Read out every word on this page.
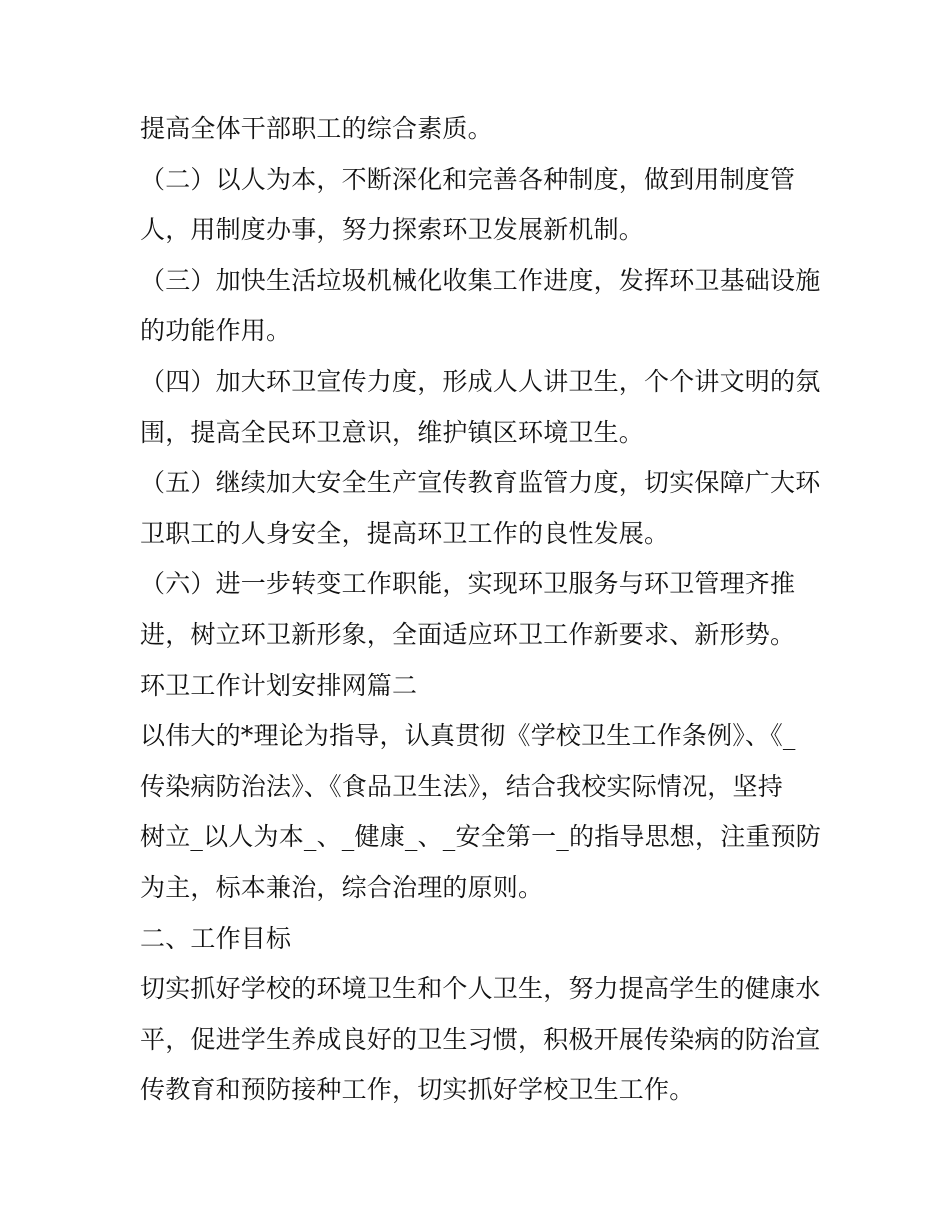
提高全体干部职工的综合素质。
（二）以人为本，不断深化和完善各种制度，做到用制度管
人，用制度办事，努力探索环卫发展新机制。
（三）加快生活垃圾机械化收集工作进度，发挥环卫基础设施
的功能作用。
（四）加大环卫宣传力度，形成人人讲卫生，个个讲文明的氛
围，提高全民环卫意识，维护镇区环境卫生。
（五）继续加大安全生产宣传教育监管力度，切实保障广大环
卫职工的人身安全，提高环卫工作的良性发展。
（六）进一步转变工作职能，实现环卫服务与环卫管理齐推
进，树立环卫新形象，全面适应环卫工作新要求、新形势。
环卫工作计划安排网篇二
以伟大的*理论为指导，认真贯彻《学校卫生工作条例》、《_
传染病防治法》、《食品卫生法》，结合我校实际情况，坚持
树立_以人为本_、_健康_、_安全第一_的指导思想，注重预防
为主，标本兼治，综合治理的原则。
二、工作目标
切实抓好学校的环境卫生和个人卫生，努力提高学生的健康水
平，促进学生养成良好的卫生习惯，积极开展传染病的防治宣
传教育和预防接种工作，切实抓好学校卫生工作。
